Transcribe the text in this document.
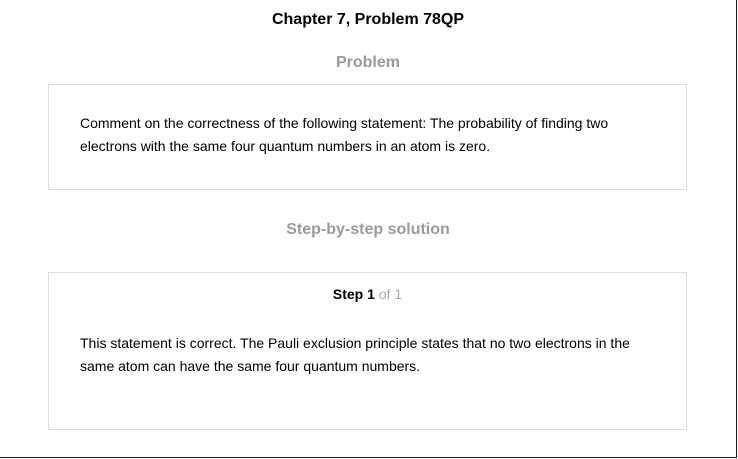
Chapter 7, Problem 78QP
Problem
Comment on the correctness of the following statement: The probability of finding two electrons with the same four quantum numbers in an atom is zero.
Step-by-step solution
Step 1 of 1
This statement is correct. The Pauli exclusion principle states that no two electrons in the same atom can have the same four quantum numbers.
